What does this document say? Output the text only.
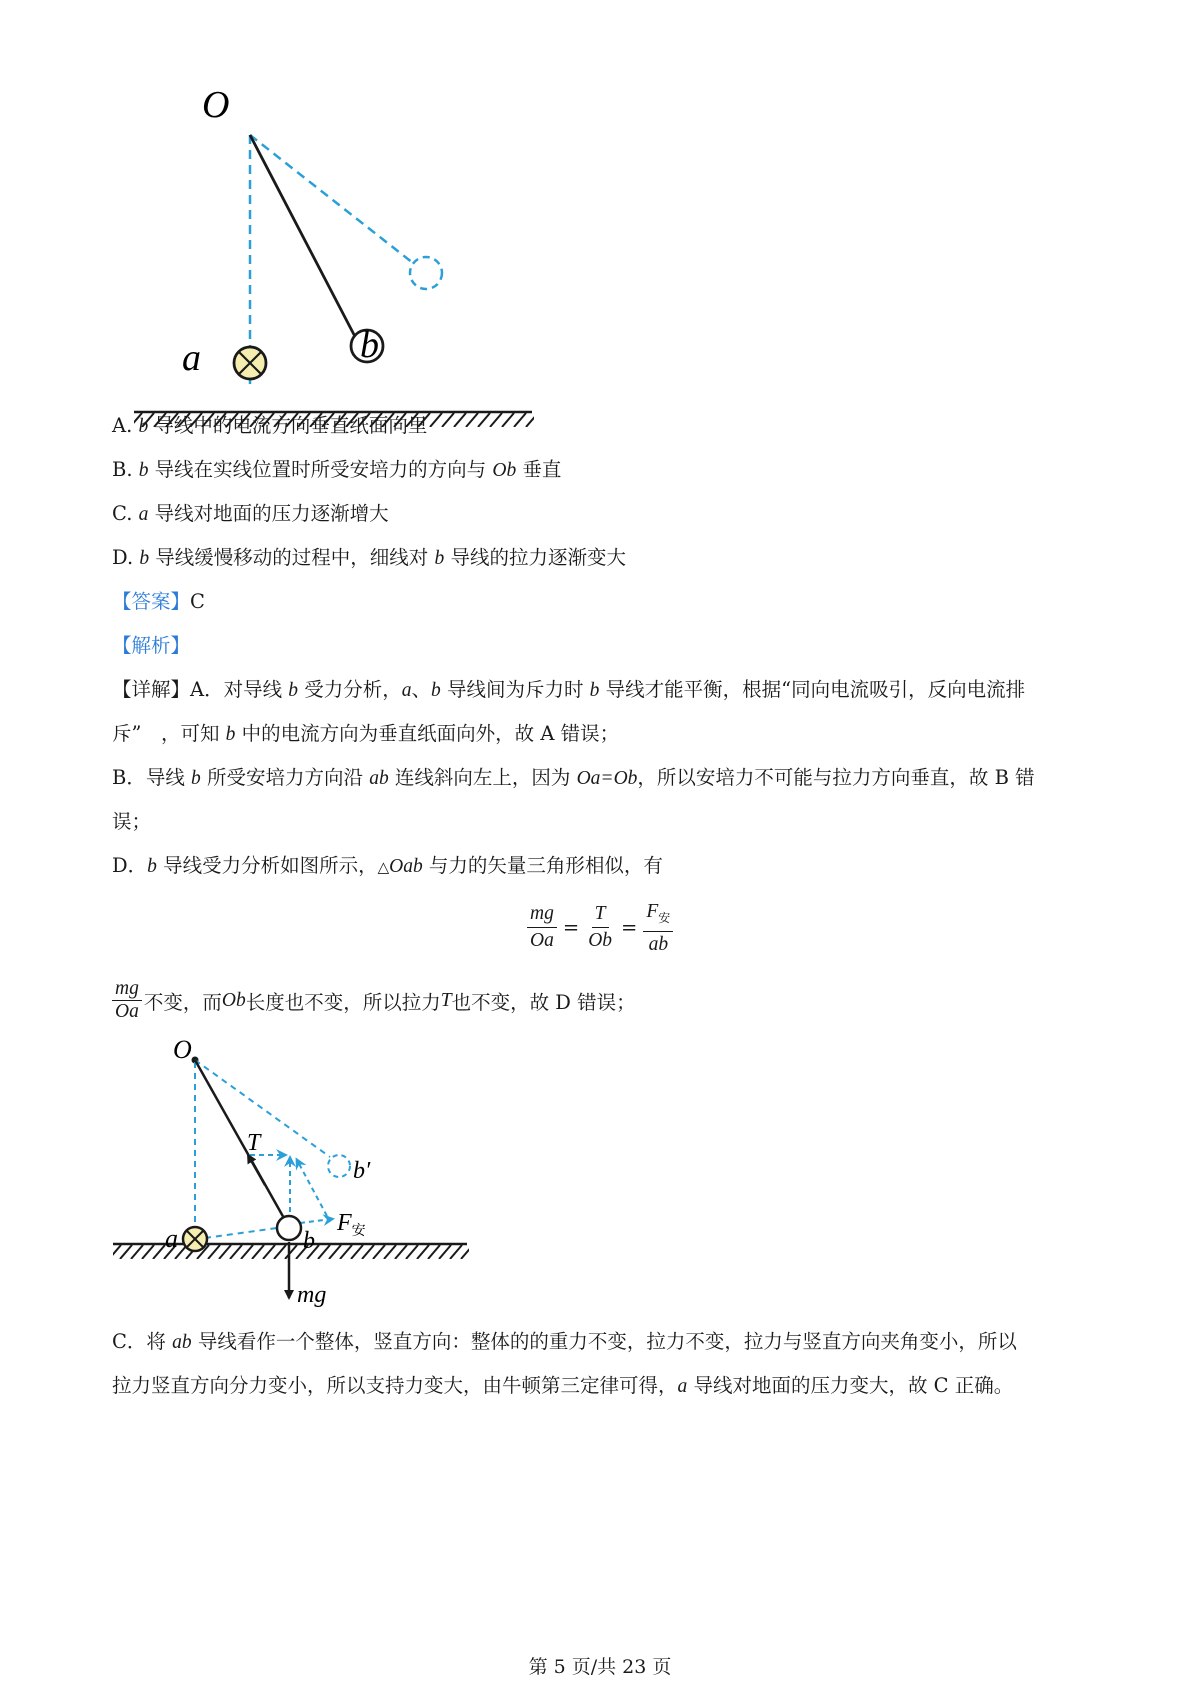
O
a	b
A. b 导线中的电流方向垂直纸面向里
B. b 导线在实线位置时所受安培力的方向与 Ob 垂直
C. a 导线对地面的压力逐渐增大
D. b 导线缓慢移动的过程中，细线对 b 导线的拉力逐渐变大
【答案】C
【解析】
【详解】A．对导线 b 受力分析，a、b 导线间为斥力时 b 导线才能平衡，根据“同向电流吸引，反向电流排
斥”　，可知 b 中的电流方向为垂直纸面向外，故 A 错误；
B．导线 b 所受安培力方向沿 ab 连线斜向左上，因为 Oa=Ob，所以安培力不可能与拉力方向垂直，故 B 错
误；
D．b 导线受力分析如图所示，△Oab 与力的矢量三角形相似，有
$\frac{mg}{Oa} = \frac{T}{Ob} = \frac{F_安}{ab}$
$\frac{mg}{Oa}$ 不变，而 Ob 长度也不变，所以拉力 T 也不变，故 D 错误；
O
T
b′
$F_安$
a	b
mg
C．将 ab 导线看作一个整体，竖直方向：整体的的重力不变，拉力不变，拉力与竖直方向夹角变小，所以
拉力竖直方向分力变小，所以支持力变大，由牛顿第三定律可得，a 导线对地面的压力变大，故 C 正确。
第 5 页/共 23 页
